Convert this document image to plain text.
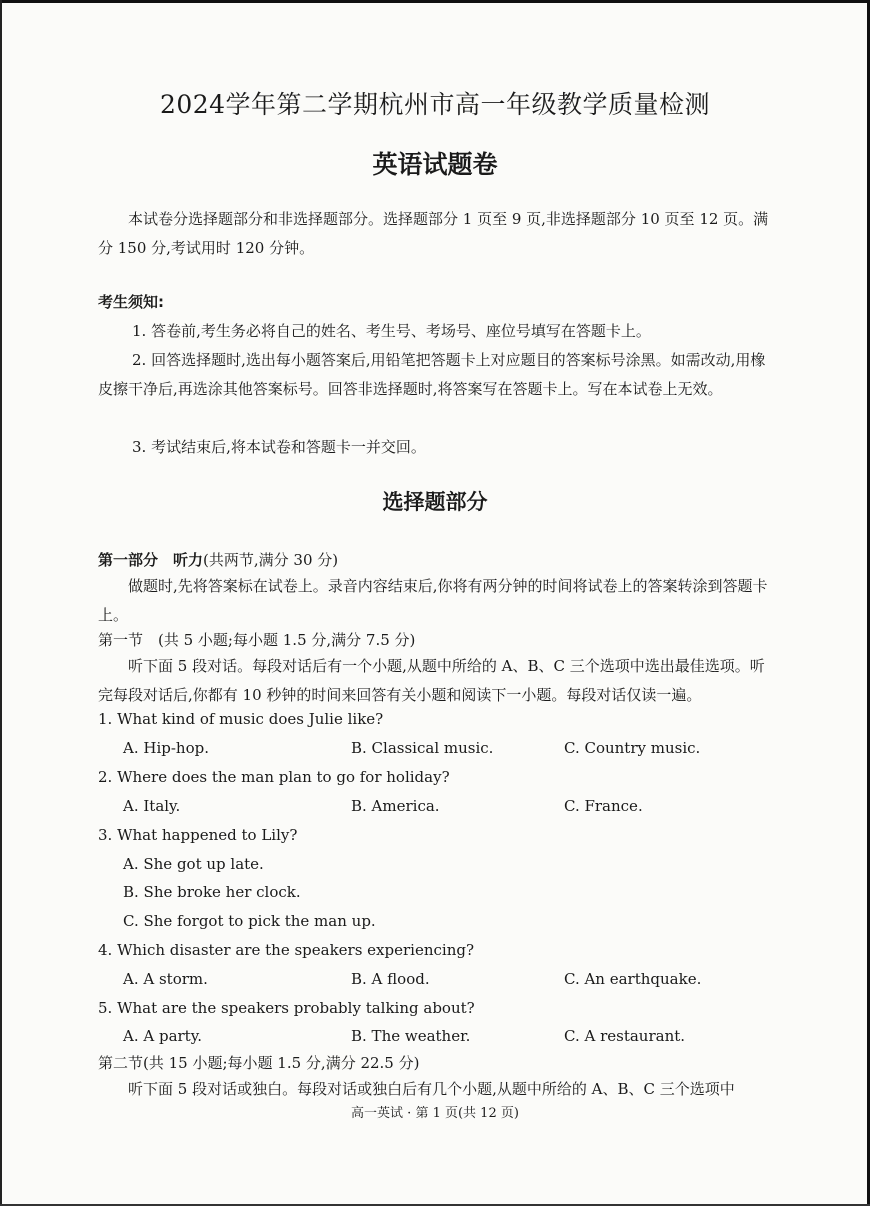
2024学年第二学期杭州市高一年级教学质量检测
英语试题卷
本试卷分选择题部分和非选择题部分。选择题部分 1 页至 9 页,非选择题部分 10 页至 12 页。满分 150 分,考试用时 120 分钟。
考生须知:
1. 答卷前,考生务必将自己的姓名、考生号、考场号、座位号填写在答题卡上。
2. 回答选择题时,选出每小题答案后,用铅笔把答题卡上对应题目的答案标号涂黑。如需改动,用橡皮擦干净后,再选涂其他答案标号。回答非选择题时,将答案写在答题卡上。写在本试卷上无效。
3. 考试结束后,将本试卷和答题卡一并交回。
选择题部分
第一部分　听力(共两节,满分 30 分)
做题时,先将答案标在试卷上。录音内容结束后,你将有两分钟的时间将试卷上的答案转涂到答题卡上。
第一节　(共 5 小题;每小题 1.5 分,满分 7.5 分)
听下面 5 段对话。每段对话后有一个小题,从题中所给的 A、B、C 三个选项中选出最佳选项。听完每段对话后,你都有 10 秒钟的时间来回答有关小题和阅读下一小题。每段对话仅读一遍。
1. What kind of music does Julie like?
A. Hip-hop.	B. Classical music.	C. Country music.
2. Where does the man plan to go for holiday?
A. Italy.	B. America.	C. France.
3. What happened to Lily?
A. She got up late.
B. She broke her clock.
C. She forgot to pick the man up.
4. Which disaster are the speakers experiencing?
A. A storm.	B. A flood.	C. An earthquake.
5. What are the speakers probably talking about?
A. A party.	B. The weather.	C. A restaurant.
第二节(共 15 小题;每小题 1.5 分,满分 22.5 分)
听下面 5 段对话或独白。每段对话或独白后有几个小题,从题中所给的 A、B、C 三个选项中
高一英试 · 第 1 页(共 12 页)
